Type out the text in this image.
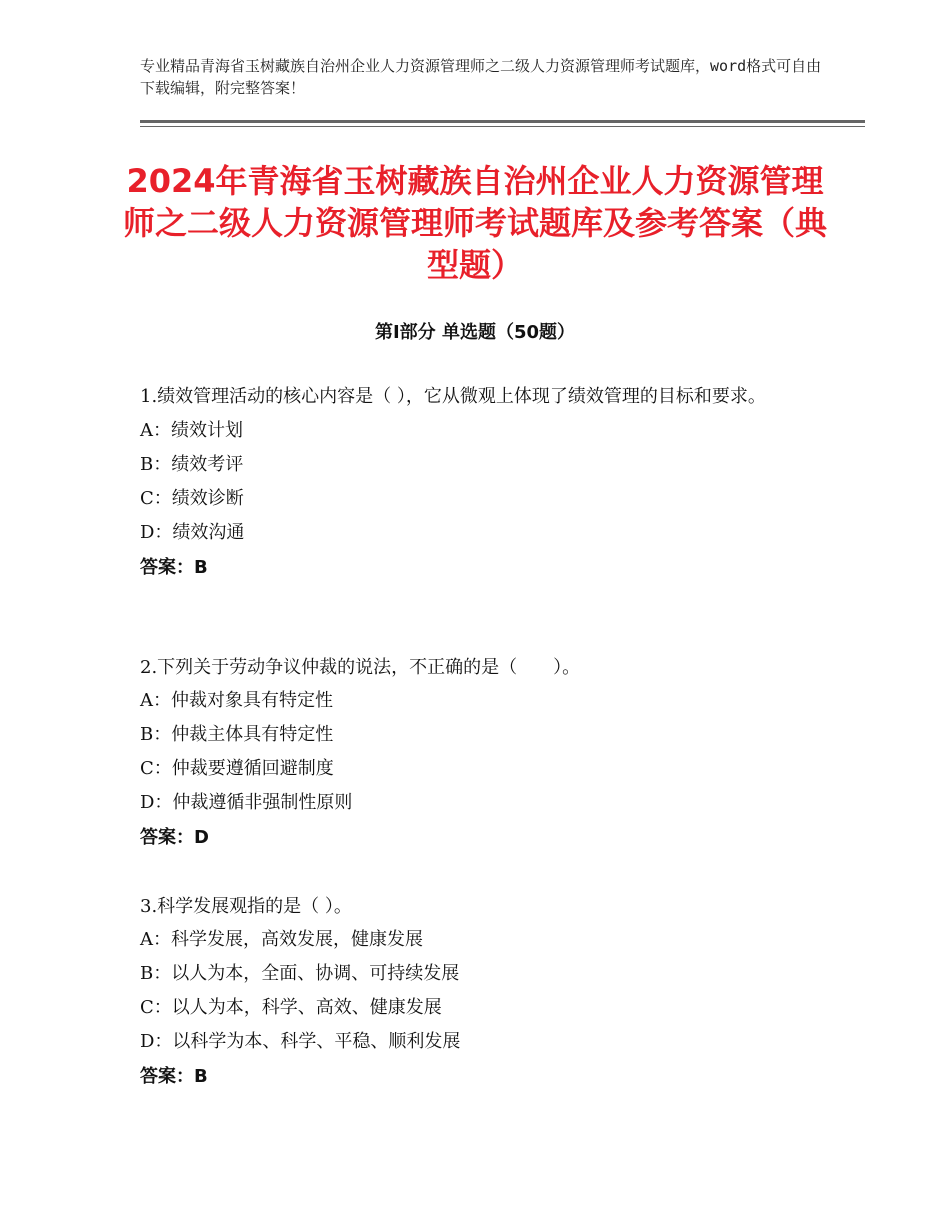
专业精品青海省玉树藏族自治州企业人力资源管理师之二级人力资源管理师考试题库，word格式可自由下载编辑，附完整答案！
2024年青海省玉树藏族自治州企业人力资源管理师之二级人力资源管理师考试题库及参考答案（典型题）
第Ⅰ部分 单选题（50题）
1.绩效管理活动的核心内容是（ ），它从微观上体现了绩效管理的目标和要求。
A：绩效计划
B：绩效考评
C：绩效诊断
D：绩效沟通
答案：B
2.下列关于劳动争议仲裁的说法，不正确的是（　　）。
A：仲裁对象具有特定性
B：仲裁主体具有特定性
C：仲裁要遵循回避制度
D：仲裁遵循非强制性原则
答案：D
3.科学发展观指的是（ ）。
A：科学发展，高效发展，健康发展
B：以人为本，全面、协调、可持续发展
C：以人为本，科学、高效、健康发展
D：以科学为本、科学、平稳、顺利发展
答案：B
